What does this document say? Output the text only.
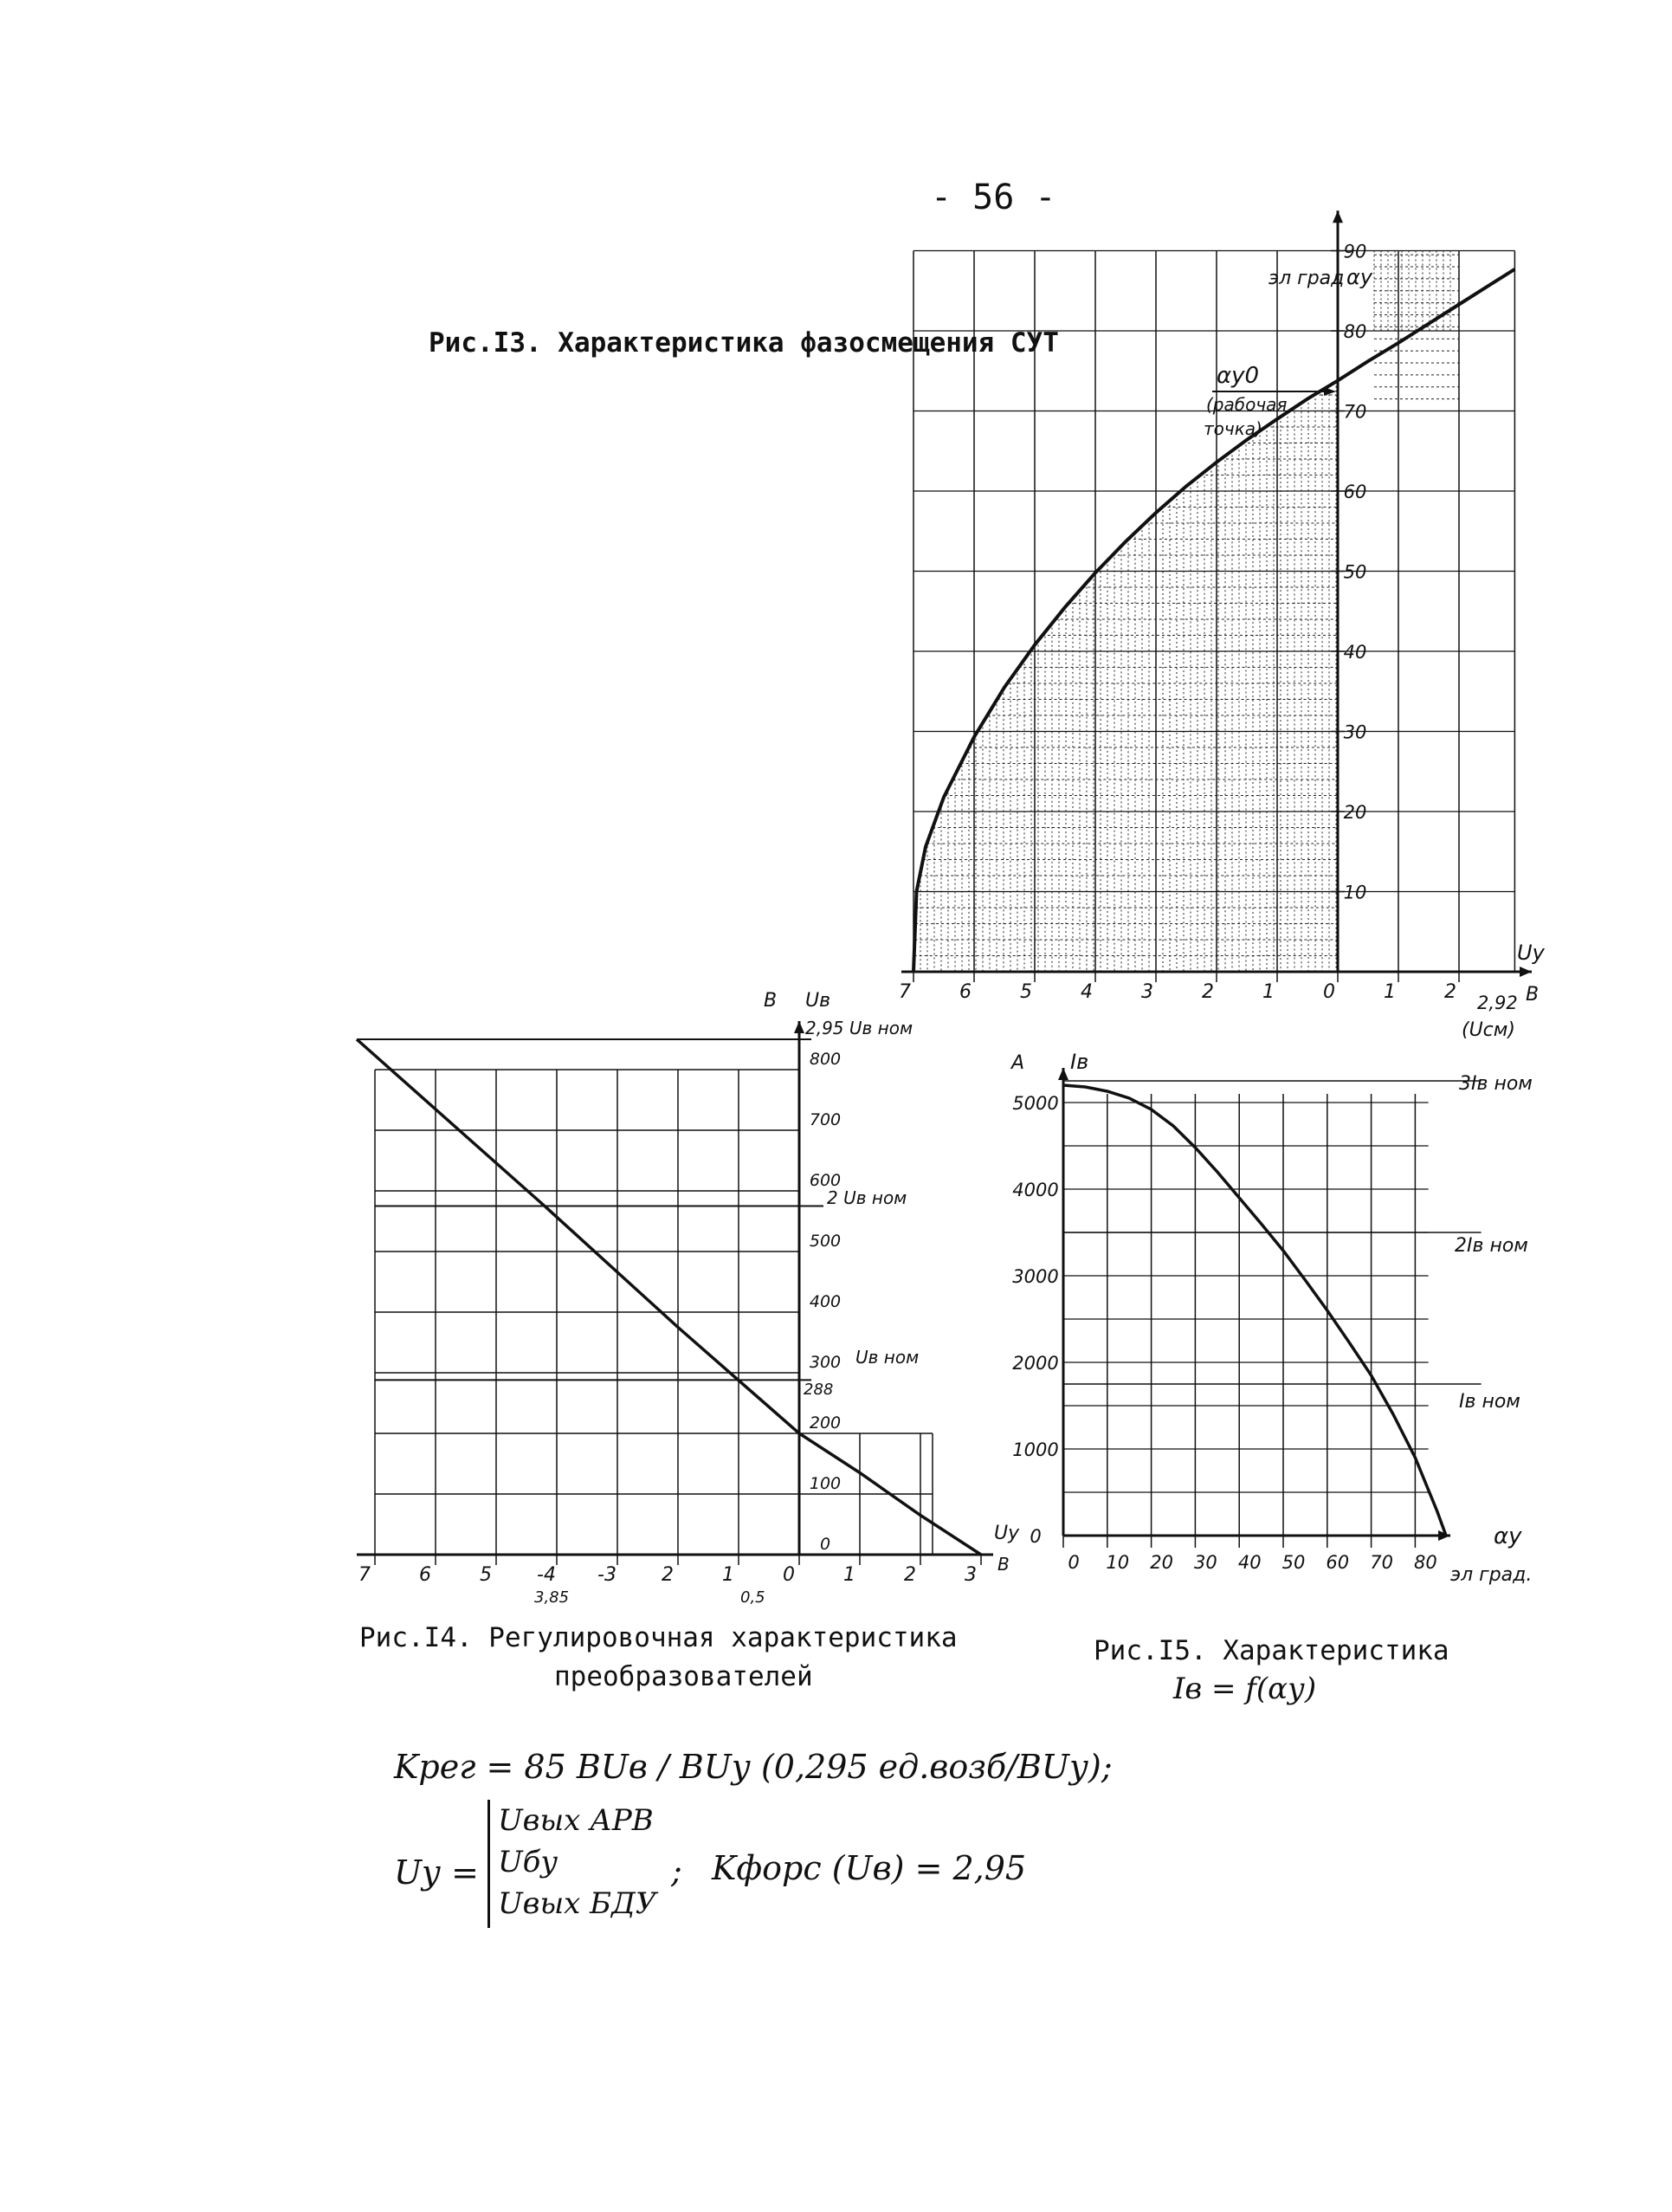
- 56 -
Рис.I3. Характеристика фазосмещения СУТ
7	6	5	4	3	2	1	0	1	2
10
20
30
40
50
60
70
80
90
7	6	5 -4 -3 2	1	0	1	2	3
0
100
200
300
400
500
600
700
800
0 10 20 30 40 50 60 70 80
0
1000
2000
3000
4000
5000
эл град αу
αу0
(рабочая
точка)
Uу
В
2,92
(Uсм)
В Uв
2,95 Uв ном
2 Uв ном
Uв ном
288
3,85	0,5
Uу
В
А Iв
3Iв ном
2Iв ном
Iв ном
αу
эл град.
Рис.I4. Регулировочная характеристика
преобразователей
Рис.I5. Характеристика
Iв = f(αу)
Kрег = 85 ВUв / ВUу (0,295 ед.возб/ВUу);
Uу =
Uвых АРВ
Uбу
Uвых БДУ
; Kфорс (Uв) = 2,95
